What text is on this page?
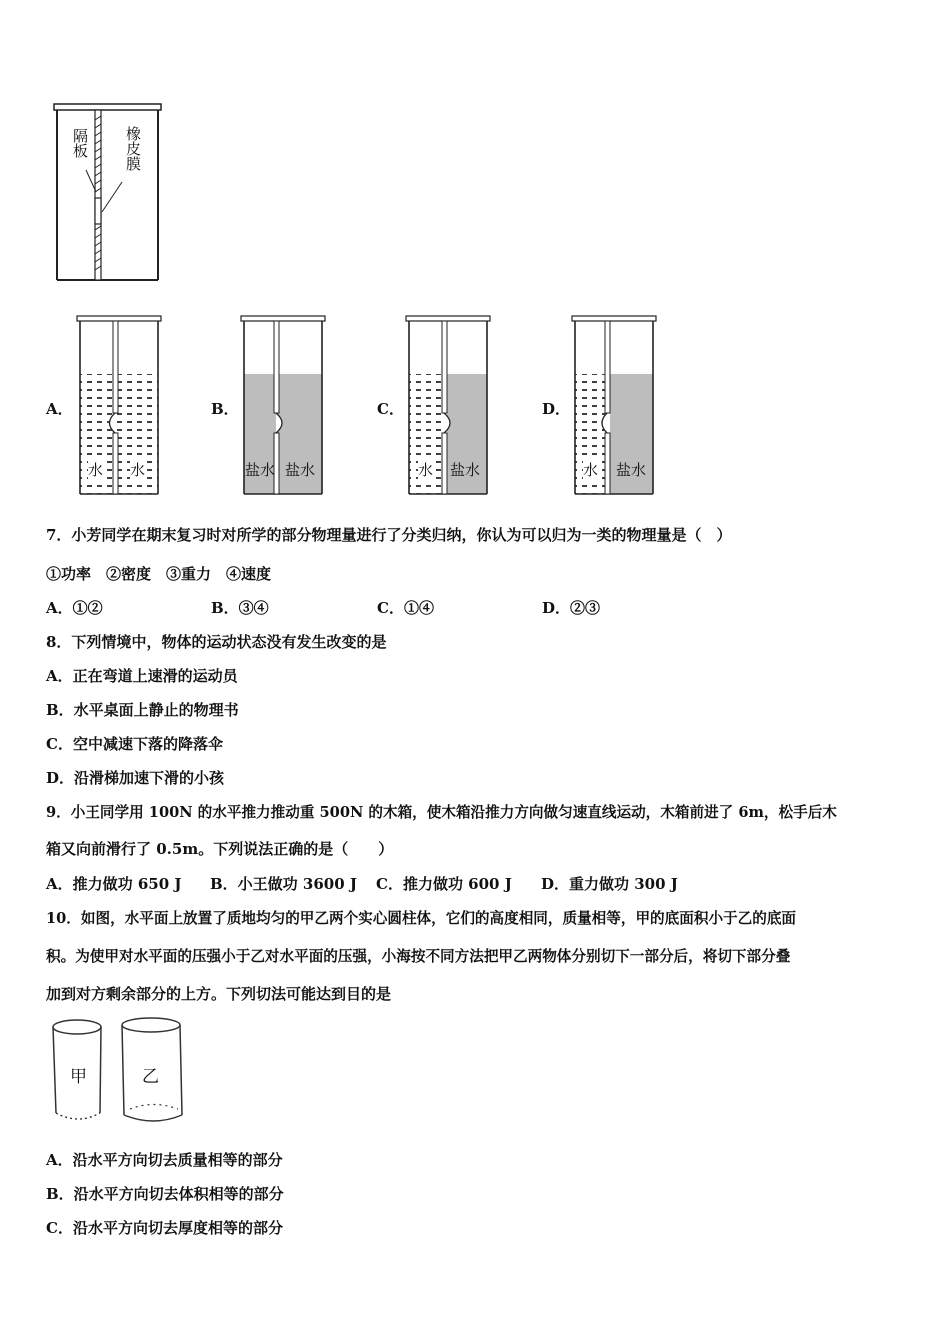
隔板 橡皮膜
A．
水 水
B．
盐水 盐水
C．
水 盐水
D．
水 盐水
7．小芳同学在期末复习时对所学的部分物理量进行了分类归纳，你认为可以归为一类的物理量是（　）
①功率　②密度　③重力　④速度
A．①②	B．③④	C．①④	D．②③
8．下列情境中，物体的运动状态没有发生改变的是
A．正在弯道上速滑的运动员
B．水平桌面上静止的物理书
C．空中减速下落的降落伞
D．沿滑梯加速下滑的小孩
9．小王同学用 100N 的水平推力推动重 500N 的木箱，使木箱沿推力方向做匀速直线运动，木箱前进了 6m，松手后木
箱又向前滑行了 0.5m。下列说法正确的是（　　）
A．推力做功 650 J B．小王做功 3600 J C．推力做功 600 J D．重力做功 300 J
10．如图，水平面上放置了质地均匀的甲乙两个实心圆柱体，它们的高度相同，质量相等，甲的底面积小于乙的底面
积。为使甲对水平面的压强小于乙对水平面的压强，小海按不同方法把甲乙两物体分别切下一部分后，将切下部分叠
加到对方剩余部分的上方。下列切法可能达到目的是
甲	乙
A．沿水平方向切去质量相等的部分
B．沿水平方向切去体积相等的部分
C．沿水平方向切去厚度相等的部分
